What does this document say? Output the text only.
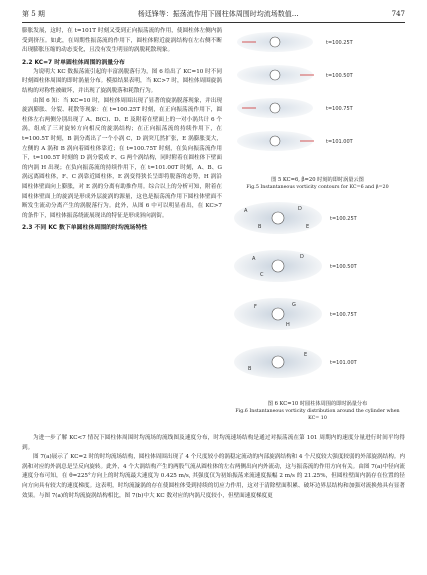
第 5 期	杨廷锋等：振荡流作用下圆柱体周围时均流场数值…	747

膨胀发展，这时，在 t=101T 时刻又受到正向振荡流的作用，使圆柱体左侧内涡受到挤压。如此，在周期性振荡流的作用下，圆柱体附近旋涡结构在左右侧不断出现膨胀压缩的动态变化，且没有发生明显的涡脱耗散现象。

2.2 KC=7 时单圆柱体周围的涡量分布

为说明大 KC 数振荡流引起的丰富涡脱落行为，图 6 给出了 KC=10 时不同时刻圆柱体周围的即时涡量分布。模拟结果表明，当 KC>7 时，圆柱体周围旋涡结构的对称性被破坏，并出现了旋涡脱落和耗散行为。

由图 6 知：当 KC=10 时，圆柱体周围出现了显著的旋涡脱落现象，并出现旋涡膨胀、分裂、耗散等现象：在 t=100.25T 时刻，在正向振荡流作用下，圆柱体左右两侧分别出现了 A、B(C)、D、E 及附着在壁面上的一对小涡共计 6 个涡，组成了三对旋转方向相反的旋涡结构；在正向振荡流的持续作用下，在 t=100.5T 时刻，B 涡分离出了一个小涡 C，D 涡突兀然扩张，E 涡膨胀变大，左侧的 A 涡和 B 涡向着圆柱体靠近；在 t=100.75T 时刻，在负向振荡流作用下，t=100.5T 时刻的 D 涡分裂成 F、G 两个涡结构，同时附着在圆柱体下壁面的内涡 H 出现；在负向振荡流的持续作用下，在 t=101.00T 时刻，A、B、G 涡远离圆柱体，F、C 涡靠近圆柱体，E 涡变得狭长呈即将脱落的态势，H 涡沿圆柱体壁面向上膨胀，对 E 涡的分离有助推作用。综合以上的分析可知，附着在圆柱体壁面上的旋涡是形成外层旋涡的源量，这也是振荡流作用下圆柱体壁面不断发生流动分离产生的涡脱落行为。此外，从图 6 中可以明显看出，在 KC>7 的条件下，圆柱体振荡绕流展现出的特征是形成斜向涡街。

2.3 不同 KC 数下单圆柱体周围的时均流场特性

t=100.25T
t=100.50T
t=100.75T
t=101.00T

图 5 KC=6, β=20 时刻的即时涡量云图

Fig.5 Instantaneous vorticity contours for KC=6 and β=20

A
B
D
E
t=100.25T
A
C
D
t=100.50T
F	G
H
t=100.75T
B
E
t=101.00T

图 6 KC=10 时圆柱体周围的即时涡量分布

Fig.6 Instantaneous vorticity distribution around the cylinder when KC= 10

为进一步了解 KC<7 情况下圆柱体周围时均流场的流线图及速度分布，时均流速场结构是通过对振荡流在第 101 周期内的速度分量进行时间平均得到。

图 7(a)展示了 KC=2 时的时均流场结构，圆柱体周围出现了 4 个尺度较小的涡稳定流动的内部旋涡结构和 4 个尺度较大强度较弱的外部旋涡结构。内涡和对应的外涡总是呈反向旋转。此外，4 个大涡结构产生的两股气流从圆柱体的左右两侧出向内外流动，这与振荡流的作用方向有关。由图 7(a)中径向流速度分布可知，在 θ=225°方向上的时均流最大速度为 0.425 m/s, 其强度仅为初始振荡来流速度振幅 2 m/s 的 21.25%，但圆柱壁面内涡存在位置的径向方向具有较大的速度梯度。这表明，时均流漩涡的存在使圆柱体受到持续的切应力作用，这对于清除壁面积累、破坏边界层结构和加强对流换热具有显著效果。与图 7(a)的时均流旋涡结构相比，图 7(b)中大 KC 数对应的内涡尺度较小，但壁面速度梯度更
